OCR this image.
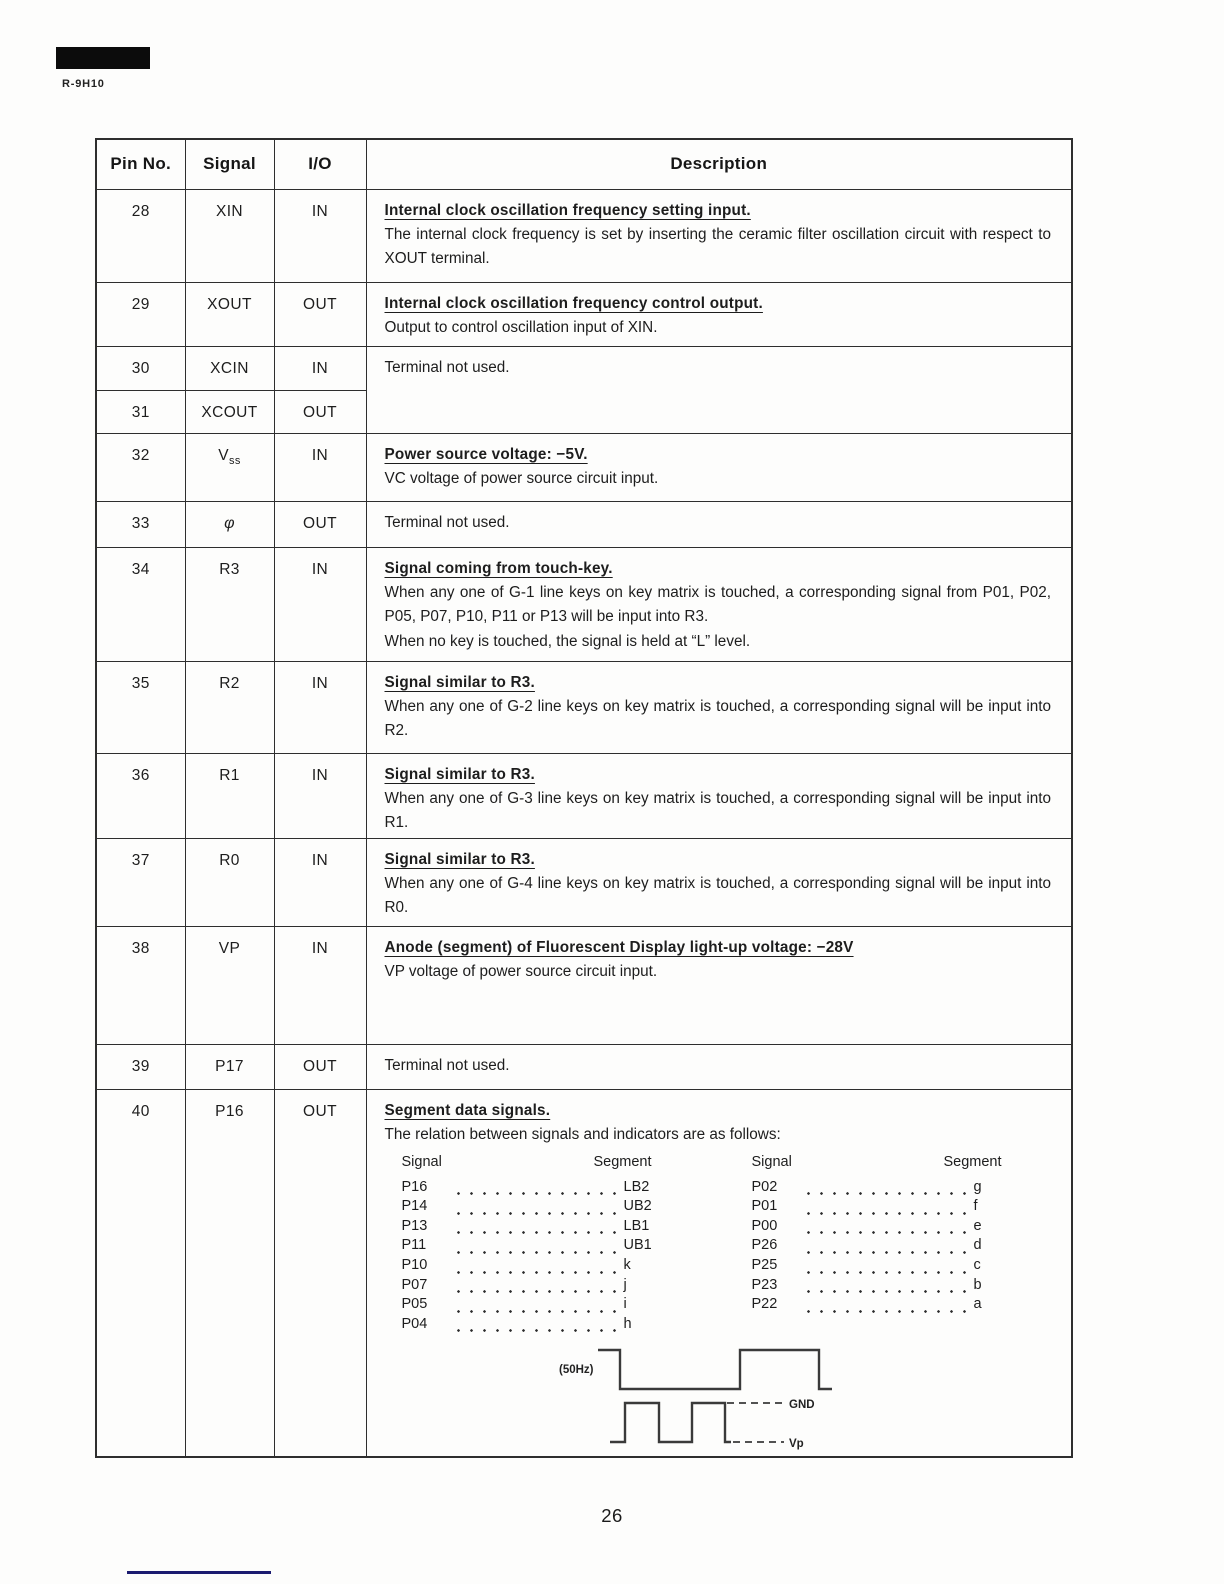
R-9H10
Pin No.	Signal	I/O	Description
28	XIN	IN	Internal clock oscillation frequency setting input.

The internal clock frequency is set by inserting the ceramic filter oscillation circuit with respect to XOUT terminal.

29	XOUT	OUT	Internal clock oscillation frequency control output.

Output to control oscillation input of XIN.

30	XCIN	IN	Terminal not used.

31	XCOUT	OUT	
32	$V_{ss}$	IN	Power source voltage: −5V.

VC voltage of power source circuit input.

33	φ	OUT	Terminal not used.

34	R3	IN	Signal coming from touch-key.

When any one of G-1 line keys on key matrix is touched, a corresponding signal from P01, P02, P05, P07, P10, P11 or P13 will be input into R3.

When no key is touched, the signal is held at “L” level.

35	R2	IN	Signal similar to R3.

When any one of G-2 line keys on key matrix is touched, a corresponding signal will be input into R2.

36	R1	IN	Signal similar to R3.

When any one of G-3 line keys on key matrix is touched, a corresponding signal will be input into R1.

37	R0	IN	Signal similar to R3.

When any one of G-4 line keys on key matrix is touched, a corresponding signal will be input into R0.

38	VP	IN	Anode (segment) of Fluorescent Display light-up voltage: −28V

VP voltage of power source circuit input.

39	P17	OUT	Terminal not used.

40	P16	OUT	Segment data signals.

The relation between signals and indicators are as follows:

Signal	Segment
P16	LB2
P14	UB2
P13	LB1
P11	UB1
P10	k
P07	j
P05	i
P04	h
Signal	Segment
P02	g
P01	f
P00	e
P26	d
P25	c
P23	b
P22	a
(50Hz)
GND
Vp
26
